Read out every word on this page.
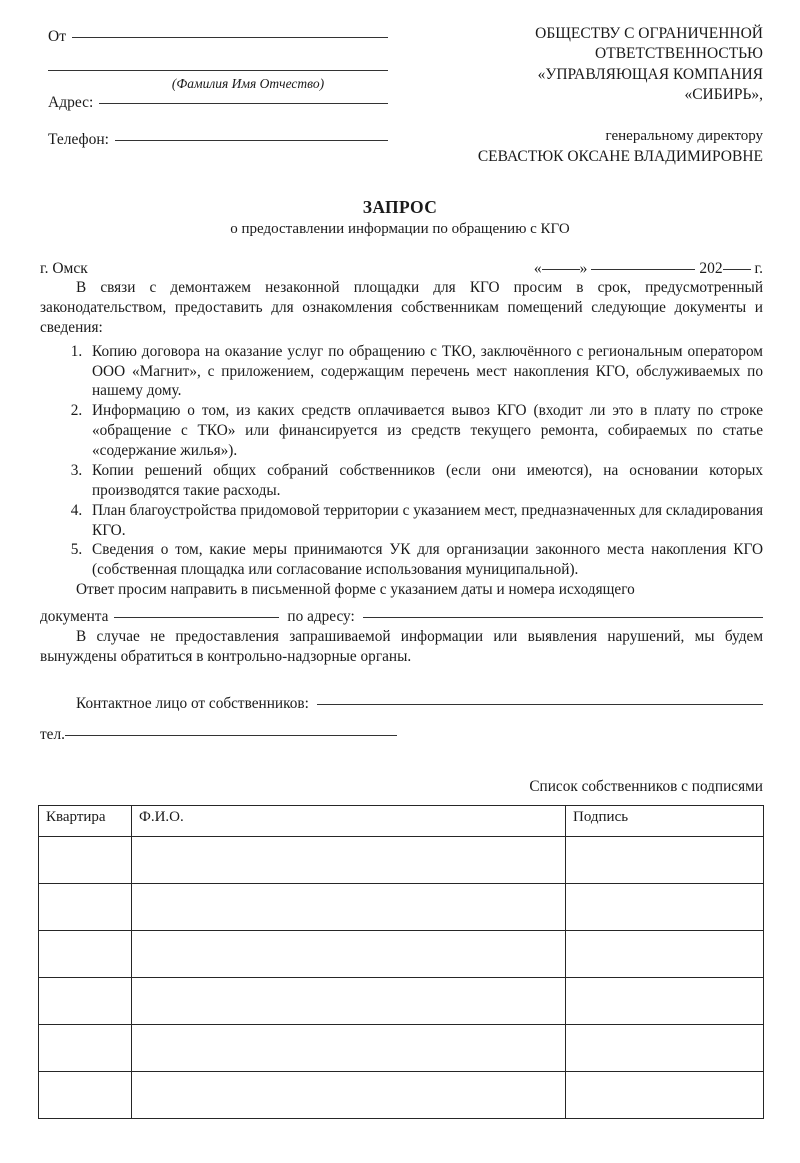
От
(Фамилия Имя Отчество)
Адрес:
Телефон:
ОБЩЕСТВУ С ОГРАНИЧЕННОЙ
ОТВЕТСТВЕННОСТЬЮ
«УПРАВЛЯЮЩАЯ КОМПАНИЯ
«СИБИРЬ»,
генеральному директору
СЕВАСТЮК ОКСАНЕ ВЛАДИМИРОВНЕ
ЗАПРОС
о предоставлении информации по обращению с КГО
г. Омск	« »	202
г.

В связи с демонтажем незаконной площадки для КГО просим в срок, предусмотренный законодательством, предоставить для ознакомления собственникам помещений следующие документы и сведения:

1. Копию договора на оказание услуг по обращению с ТКО, заключённого с региональным оператором ООО «Магнит», с приложением, содержащим перечень мест накопления КГО, обслуживаемых по нашему дому.
2. Информацию о том, из каких средств оплачивается вывоз КГО (входит ли это в плату по строке «обращение с ТКО» или финансируется из средств текущего ремонта, собираемых по статье «содержание жилья»).
3. Копии решений общих собраний собственников (если они имеются), на основании которых производятся такие расходы.
4. План благоустройства придомовой территории с указанием мест, предназначенных для складирования КГО.
5. Сведения о том, какие меры принимаются УК для организации законного места накопления КГО (собственная площадка или согласование использования муниципальной).

Ответ просим направить в письменной форме с указанием даты и номера исходящего

документа	по адресу:

В случае не предоставления запрашиваемой информации или выявления нарушений, мы будем вынуждены обратиться в контрольно-надзорные органы.

Контактное лицо от собственников:
тел.
Список собственников с подписями
Квартира	Ф.И.О.	Подпись
